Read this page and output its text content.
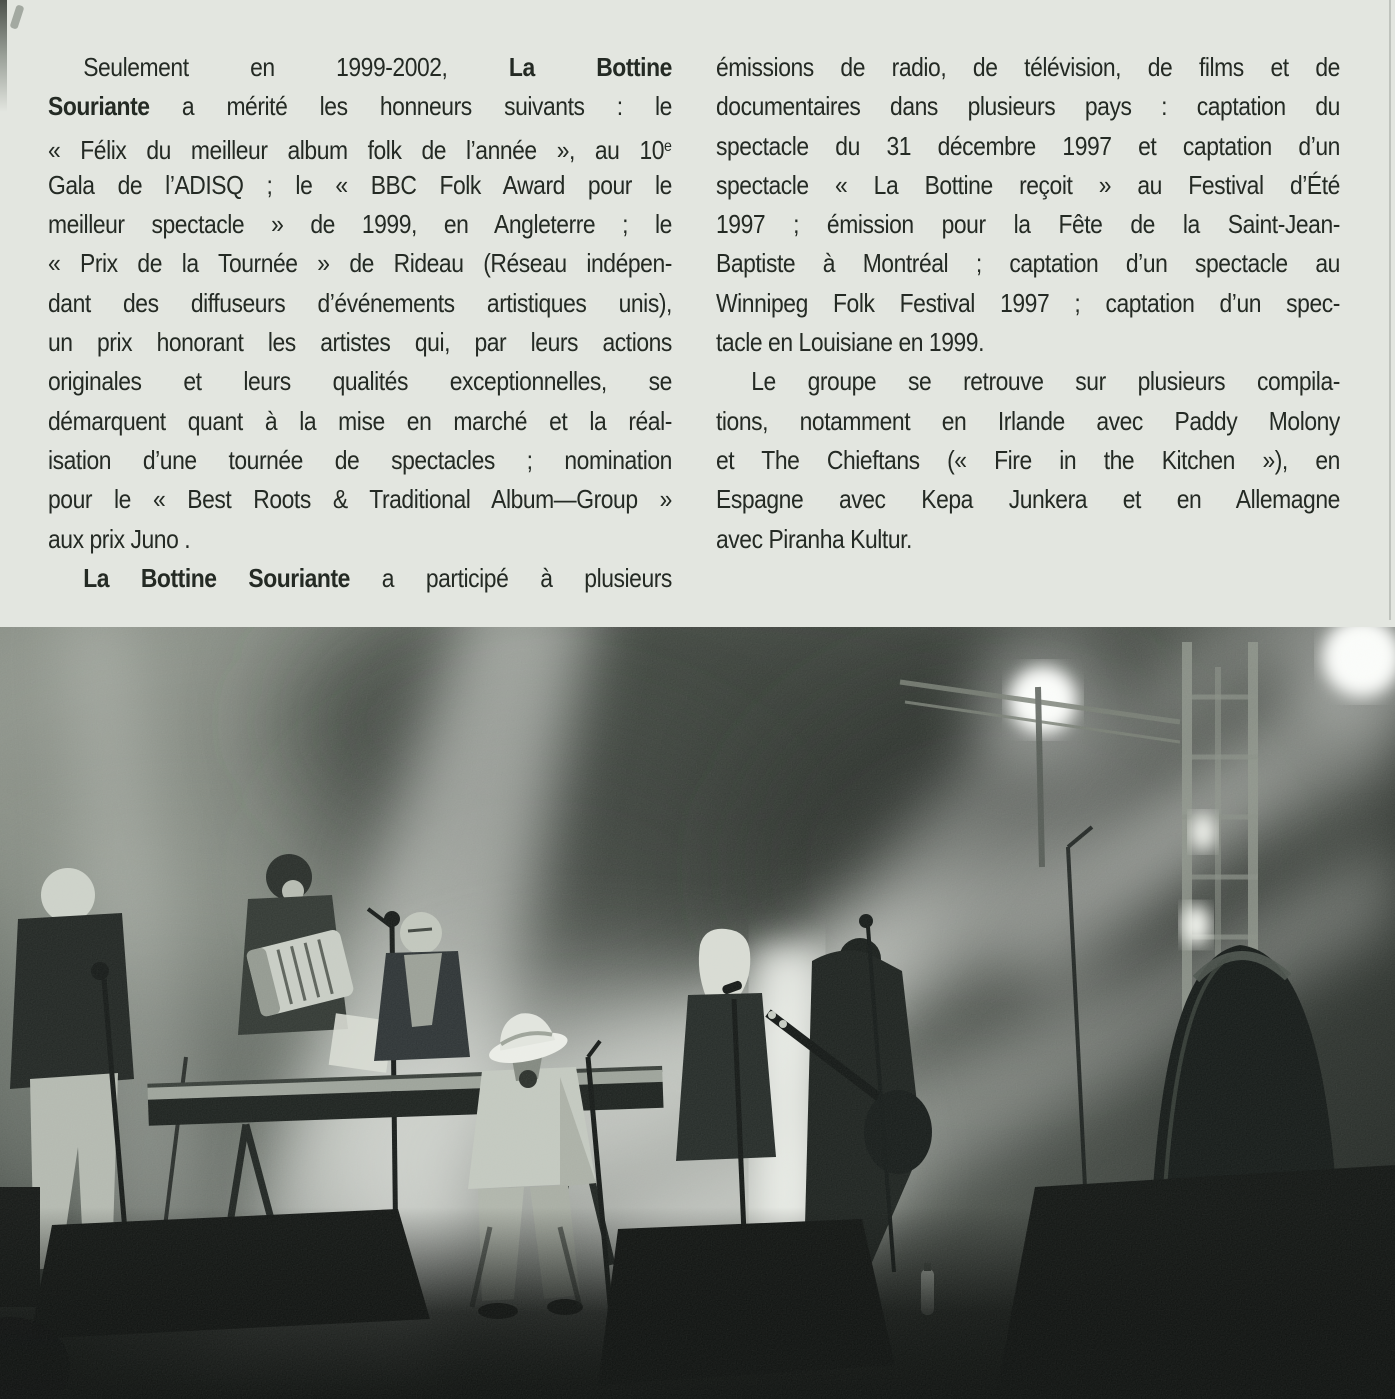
Seulement en 1999-2002, La Bottine
Souriante a mérité les honneurs suivants : le
« Félix du meilleur album folk de l’année », au 10e
Gala de l’ADISQ ; le « BBC Folk Award pour le
meilleur spectacle » de 1999, en Angleterre ; le
« Prix de la Tournée » de Rideau (Réseau indépen-
dant des diffuseurs d’événements artistiques unis),
un prix honorant les artistes qui, par leurs actions
originales et leurs qualités exceptionnelles, se
démarquent quant à la mise en marché et la réal-
isation d’une tournée de spectacles ; nomination
pour le « Best Roots & Traditional Album—Group »
aux prix Juno .
La Bottine Souriante a participé à plusieurs
émissions de radio, de télévision, de films et de
documentaires dans plusieurs pays : captation du
spectacle du 31 décembre 1997 et captation d’un
spectacle « La Bottine reçoit » au Festival d’Été
1997 ; émission pour la Fête de la Saint-Jean-
Baptiste à Montréal ; captation d’un spectacle au
Winnipeg Folk Festival 1997 ; captation d’un spec-
tacle en Louisiane en 1999.
Le groupe se retrouve sur plusieurs compila-
tions, notamment en Irlande avec Paddy Molony
et The Chieftans (« Fire in the Kitchen »), en
Espagne avec Kepa Junkera et en Allemagne
avec Piranha Kultur.
